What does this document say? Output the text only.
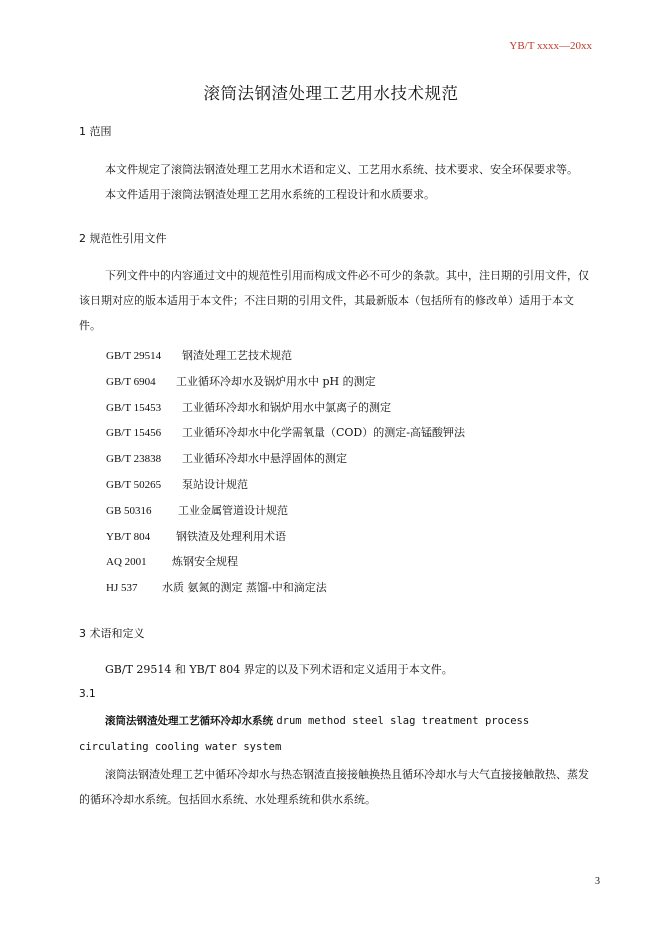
YB/T xxxx—20xx
滚筒法钢渣处理工艺用水技术规范
1 范围
本文件规定了滚筒法钢渣处理工艺用水术语和定义、工艺用水系统、技术要求、安全环保要求等。
本文件适用于滚筒法钢渣处理工艺用水系统的工程设计和水质要求。
2 规范性引用文件
下列文件中的内容通过文中的规范性引用而构成文件必不可少的条款。其中，注日期的引用文件，仅该日期对应的版本适用于本文件；不注日期的引用文件，其最新版本（包括所有的修改单）适用于本文件。
GB/T 29514 钢渣处理工艺技术规范
GB/T 6904 工业循环冷却水及锅炉用水中 pH 的测定
GB/T 15453 工业循环冷却水和锅炉用水中氯离子的测定
GB/T 15456 工业循环冷却水中化学需氧量（COD）的测定-高锰酸钾法
GB/T 23838 工业循环冷却水中悬浮固体的测定
GB/T 50265 泵站设计规范
GB 50316 工业金属管道设计规范
YB/T 804 钢铁渣及处理利用术语
AQ 2001 炼钢安全规程
HJ 537 水质 氨氮的测定 蒸馏-中和滴定法
3 术语和定义
GB/T 29514 和 YB/T 804 界定的以及下列术语和定义适用于本文件。
3.1
滚筒法钢渣处理工艺循环冷却水系统 drum method steel slag treatment process circulating cooling water system
滚筒法钢渣处理工艺中循环冷却水与热态钢渣直接接触换热且循环冷却水与大气直接接触散热、蒸发的循环冷却水系统。包括回水系统、水处理系统和供水系统。
3
